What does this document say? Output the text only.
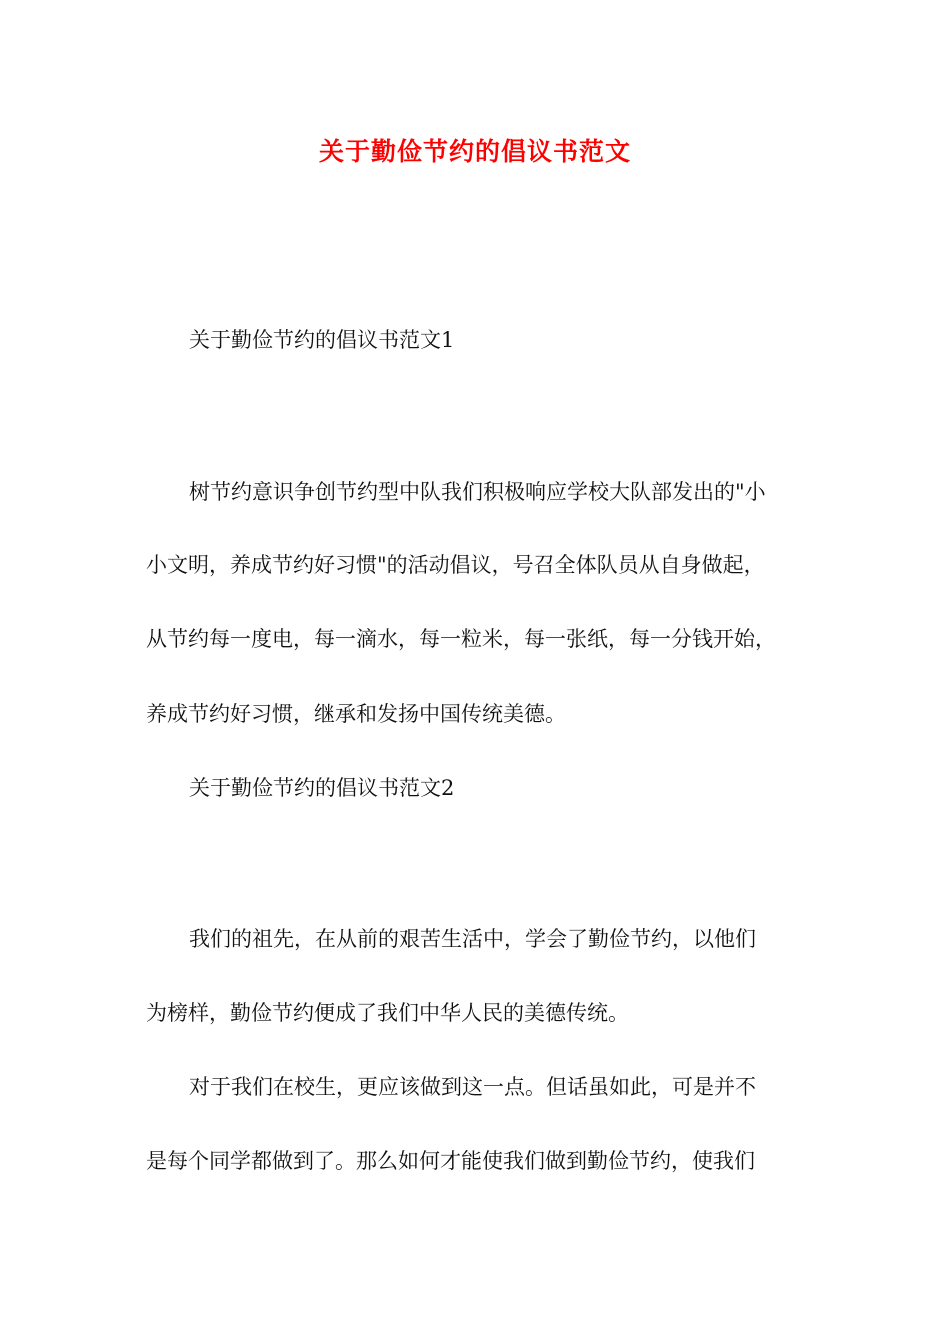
关于勤俭节约的倡议书范文
关于勤俭节约的倡议书范文1
树节约意识争创节约型中队我们积极响应学校大队部发出的"小
小文明，养成节约好习惯"的活动倡议，号召全体队员从自身做起，
从节约每一度电，每一滴水，每一粒米，每一张纸，每一分钱开始，
养成节约好习惯，继承和发扬中国传统美德。
关于勤俭节约的倡议书范文2
我们的祖先，在从前的艰苦生活中，学会了勤俭节约，以他们
为榜样，勤俭节约便成了我们中华人民的美德传统。
对于我们在校生，更应该做到这一点。但话虽如此，可是并不
是每个同学都做到了。那么如何才能使我们做到勤俭节约，使我们
